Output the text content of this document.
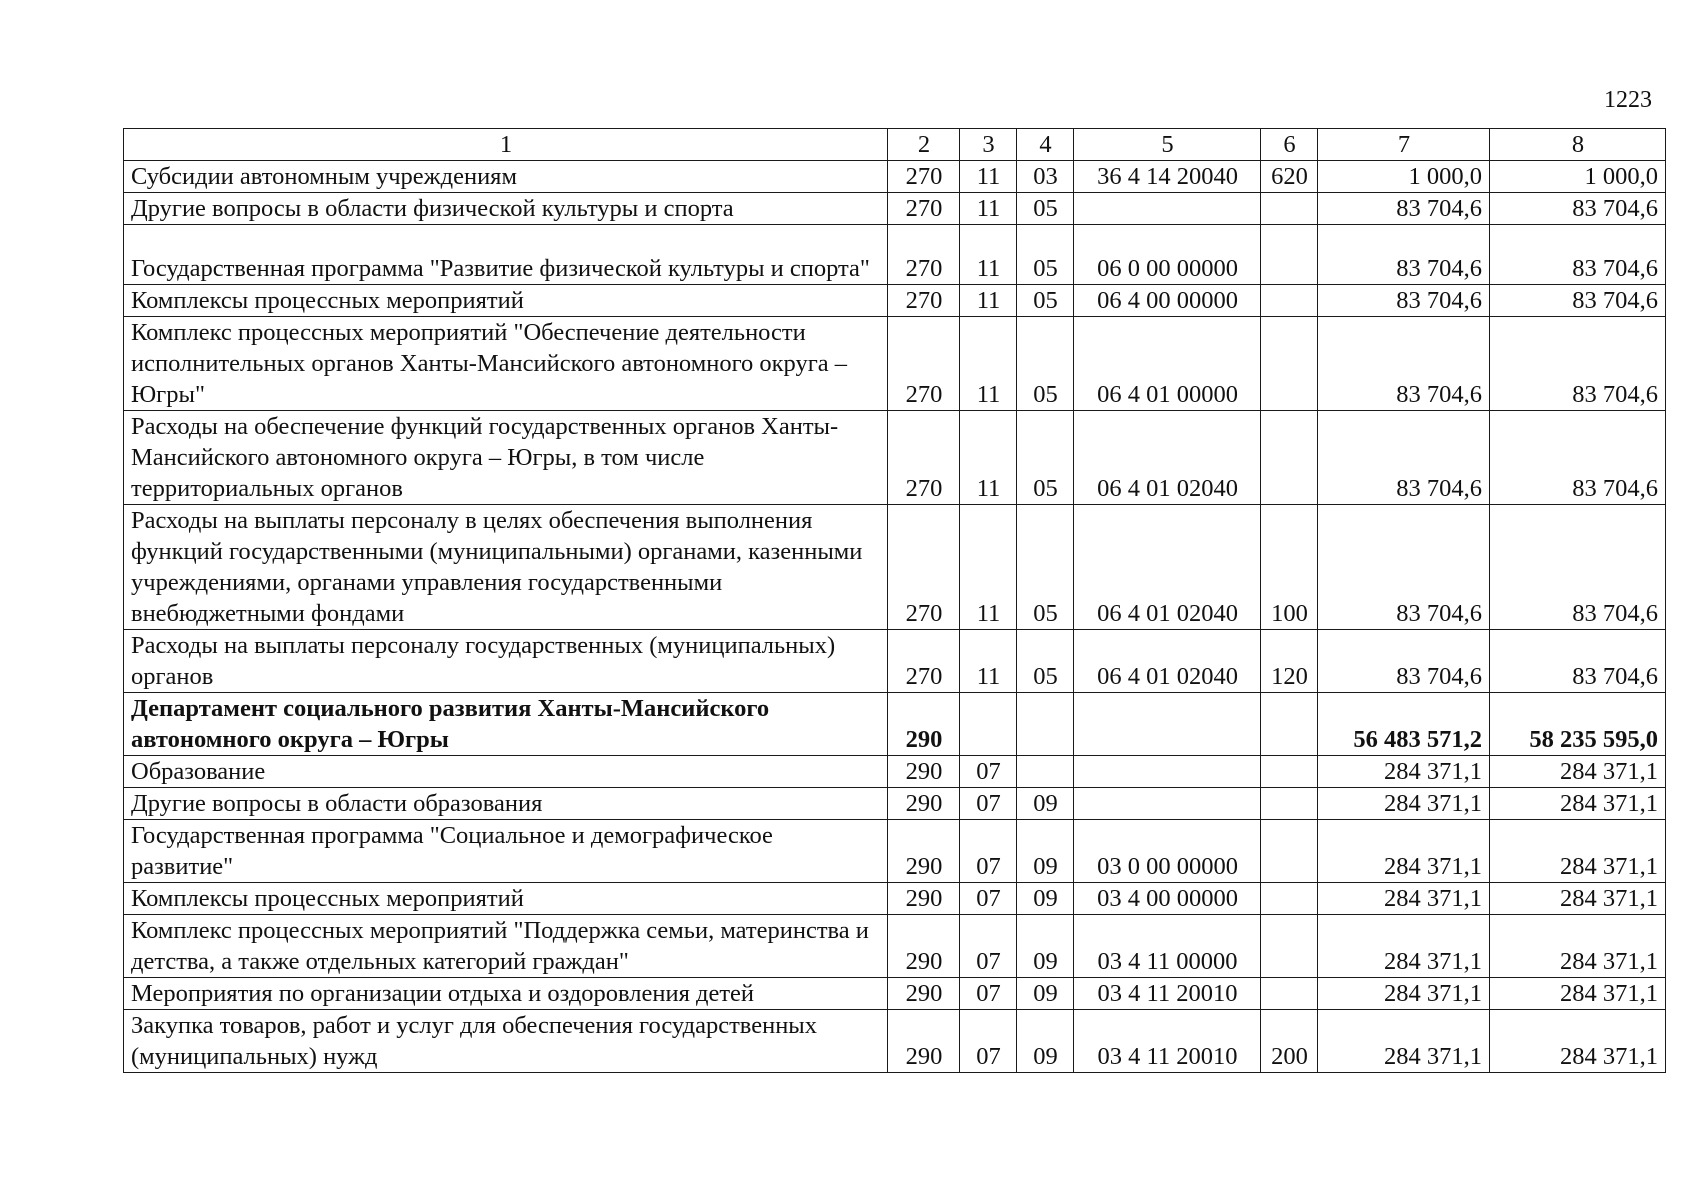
1223
1	2	3	4	5	6	7	8
Субсидии автономным учреждениям	270	11	03	36 4 14 20040	620	1 000,0	1 000,0
Другие вопросы в области физической культуры и спорта	270	11	05			83 704,6	83 704,6
Государственная программа "Развитие физической культуры и спорта"	270	11	05	06 0 00 00000		83 704,6	83 704,6
Комплексы процессных мероприятий	270	11	05	06 4 00 00000		83 704,6	83 704,6
Комплекс процессных мероприятий "Обеспечение деятельности исполнительных органов Ханты-Мансийского автономного округа – Югры"	270	11	05	06 4 01 00000		83 704,6	83 704,6
Расходы на обеспечение функций государственных органов Ханты-Мансийского автономного округа – Югры, в том числе территориальных органов	270	11	05	06 4 01 02040		83 704,6	83 704,6
Расходы на выплаты персоналу в целях обеспечения выполнения функций государственными (муниципальными) органами, казенными учреждениями, органами управления государственными внебюджетными фондами	270	11	05	06 4 01 02040	100	83 704,6	83 704,6
Расходы на выплаты персоналу государственных (муниципальных) органов	270	11	05	06 4 01 02040	120	83 704,6	83 704,6
Департамент социального развития Ханты-Мансийского автономного округа – Югры	290					56 483 571,2	58 235 595,0
Образование	290	07				284 371,1	284 371,1
Другие вопросы в области образования	290	07	09			284 371,1	284 371,1
Государственная программа "Социальное и демографическое развитие"	290	07	09	03 0 00 00000		284 371,1	284 371,1
Комплексы процессных мероприятий	290	07	09	03 4 00 00000		284 371,1	284 371,1
Комплекс процессных мероприятий "Поддержка семьи, материнства и детства, а также отдельных категорий граждан"	290	07	09	03 4 11 00000		284 371,1	284 371,1
Мероприятия по организации отдыха и оздоровления детей	290	07	09	03 4 11 20010		284 371,1	284 371,1
Закупка товаров, работ и услуг для обеспечения государственных (муниципальных) нужд	290	07	09	03 4 11 20010	200	284 371,1	284 371,1
